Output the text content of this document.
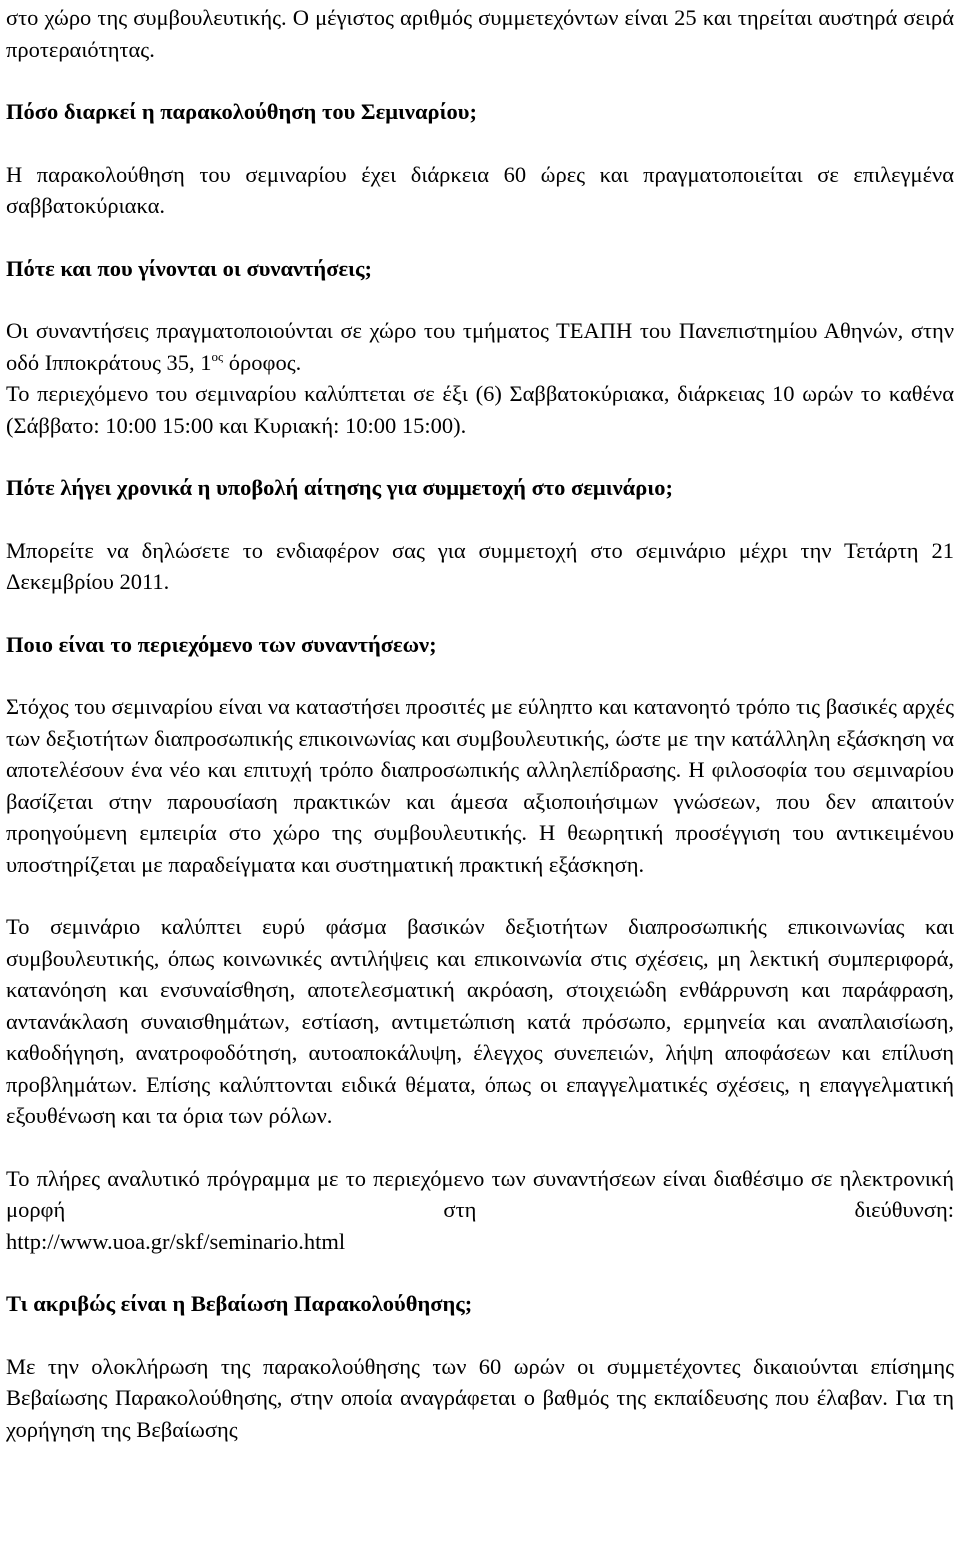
στο χώρο της συμβουλευτικής. Ο μέγιστος αριθμός συμμετεχόντων είναι 25 και τηρείται αυστηρά σειρά προτεραιότητας.

Πόσο διαρκεί η παρακολούθηση του Σεμιναρίου;

Η παρακολούθηση του σεμιναρίου έχει διάρκεια 60 ώρες και πραγματοποιείται σε επιλεγμένα σαββατοκύριακα.

Πότε και που γίνονται οι συναντήσεις;

Οι συναντήσεις πραγματοποιούνται σε χώρο του τμήματος ΤΕΑΠΗ του Πανεπιστημίου Αθηνών, στην οδό Ιπποκράτους 35, $1^{o\varsigma}$ όροφος.

Το περιεχόμενο του σεμιναρίου καλύπτεται σε έξι (6) Σαββατοκύριακα, διάρκειας 10 ωρών το καθένα (Σάββατο: 10:00 15:00 και Κυριακή: 10:00 15:00).

Πότε λήγει χρονικά η υποβολή αίτησης για συμμετοχή στο σεμινάριο;

Μπορείτε να δηλώσετε το ενδιαφέρον σας για συμμετοχή στο σεμινάριο μέχρι την Τετάρτη 21 Δεκεμβρίου 2011.

Ποιο είναι το περιεχόμενο των συναντήσεων;

Στόχος του σεμιναρίου είναι να καταστήσει προσιτές με εύληπτο και κατανοητό τρόπο τις βασικές αρχές των δεξιοτήτων διαπροσωπικής επικοινωνίας και συμβουλευτικής, ώστε με την κατάλληλη εξάσκηση να αποτελέσουν ένα νέο και επιτυχή τρόπο διαπροσωπικής αλληλεπίδρασης. Η φιλοσοφία του σεμιναρίου βασίζεται στην παρουσίαση πρακτικών και άμεσα αξιοποιήσιμων γνώσεων, που δεν απαιτούν προηγούμενη εμπειρία στο χώρο της συμβουλευτικής. Η θεωρητική προσέγγιση του αντικειμένου υποστηρίζεται με παραδείγματα και συστηματική πρακτική εξάσκηση.

Το σεμινάριο καλύπτει ευρύ φάσμα βασικών δεξιοτήτων διαπροσωπικής επικοινωνίας και συμβουλευτικής, όπως κοινωνικές αντιλήψεις και επικοινωνία στις σχέσεις, μη λεκτική συμπεριφορά, κατανόηση και ενσυναίσθηση, αποτελεσματική ακρόαση, στοιχειώδη ενθάρρυνση και παράφραση, αντανάκλαση συναισθημάτων, εστίαση, αντιμετώπιση κατά πρόσωπο, ερμηνεία και αναπλαισίωση, καθοδήγηση, ανατροφοδότηση, αυτοαποκάλυψη, έλεγχος συνεπειών, λήψη αποφάσεων και επίλυση προβλημάτων. Επίσης καλύπτονται ειδικά θέματα, όπως οι επαγγελματικές σχέσεις, η επαγγελματική εξουθένωση και τα όρια των ρόλων.

Το πλήρες αναλυτικό πρόγραμμα με το περιεχόμενο των συναντήσεων είναι διαθέσιμο σε ηλεκτρονική μορφή στη διεύθυνση:

http://www.uoa.gr/skf/seminario.html

Τι ακριβώς είναι η Βεβαίωση Παρακολούθησης;

Με την ολοκλήρωση της παρακολούθησης των 60 ωρών οι συμμετέχοντες δικαιούνται επίσημης Βεβαίωσης Παρακολούθησης, στην οποία αναγράφεται ο βαθμός της εκπαίδευσης που έλαβαν. Για τη χορήγηση της Βεβαίωσης
